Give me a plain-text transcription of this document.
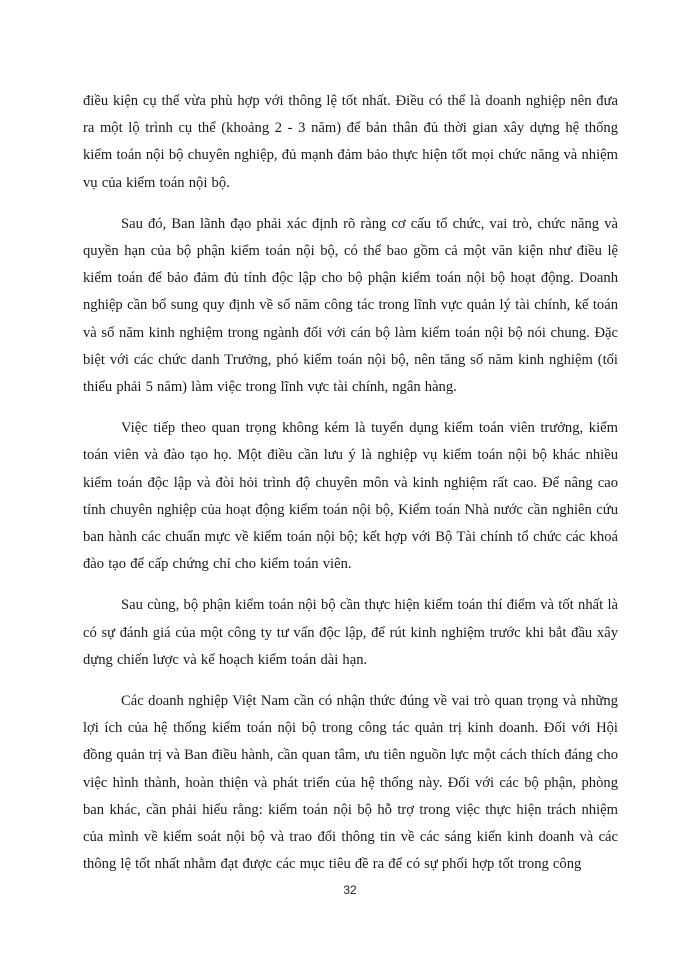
điều kiện cụ thể vừa phù hợp với thông lệ tốt nhất. Điều có thể là doanh nghiệp nên đưa ra một lộ trình cụ thể (khoảng 2 - 3 năm) để bản thân đủ thời gian xây dựng hệ thống kiểm toán nội bộ chuyên nghiệp, đủ mạnh đảm bảo thực hiện tốt mọi chức năng và nhiệm vụ của kiểm toán nội bộ.

Sau đó, Ban lãnh đạo phải xác định rõ ràng cơ cấu tổ chức, vai trò, chức năng và quyền hạn của bộ phận kiểm toán nội bộ, có thể bao gồm cả một văn kiện như điều lệ kiểm toán để bảo đảm đủ tính độc lập cho bộ phận kiểm toán nội bộ hoạt động. Doanh nghiệp cần bổ sung quy định về số năm công tác trong lĩnh vực quản lý tài chính, kế toán và số năm kinh nghiệm trong ngành đối với cán bộ làm kiểm toán nội bộ nói chung. Đặc biệt với các chức danh Trưởng, phó kiểm toán nội bộ, nên tăng số năm kinh nghiệm (tối thiểu phải 5 năm) làm việc trong lĩnh vực tài chính, ngân hàng.

Việc tiếp theo quan trọng không kém là tuyển dụng kiểm toán viên trưởng, kiểm toán viên và đào tạo họ. Một điều cần lưu ý là nghiệp vụ kiểm toán nội bộ khác nhiều kiểm toán độc lập và đòi hỏi trình độ chuyên môn và kinh nghiệm rất cao. Để nâng cao tính chuyên nghiệp của hoạt động kiểm toán nội bộ, Kiểm toán Nhà nước cần nghiên cứu ban hành các chuẩn mực về kiểm toán nội bộ; kết hợp với Bộ Tài chính tổ chức các khoá đào tạo để cấp chứng chỉ cho kiểm toán viên.

Sau cùng, bộ phận kiểm toán nội bộ cần thực hiện kiểm toán thí điểm và tốt nhất là có sự đánh giá của một công ty tư vấn độc lập, để rút kinh nghiệm trước khi bắt đầu xây dựng chiến lược và kế hoạch kiểm toán dài hạn.

Các doanh nghiệp Việt Nam cần có nhận thức đúng về vai trò quan trọng và những lợi ích của hệ thống kiểm toán nội bộ trong công tác quản trị kinh doanh. Đối với Hội đồng quản trị và Ban điều hành, cần quan tâm, ưu tiên nguồn lực một cách thích đáng cho việc hình thành, hoàn thiện và phát triển của hệ thống này. Đối với các bộ phận, phòng ban khác, cần phải hiểu rằng: kiểm toán nội bộ hỗ trợ trong việc thực hiện trách nhiệm của mình về kiểm soát nội bộ và trao đổi thông tin về các sáng kiến kinh doanh và các thông lệ tốt nhất nhằm đạt được các mục tiêu đề ra để có sự phối hợp tốt trong công

32
